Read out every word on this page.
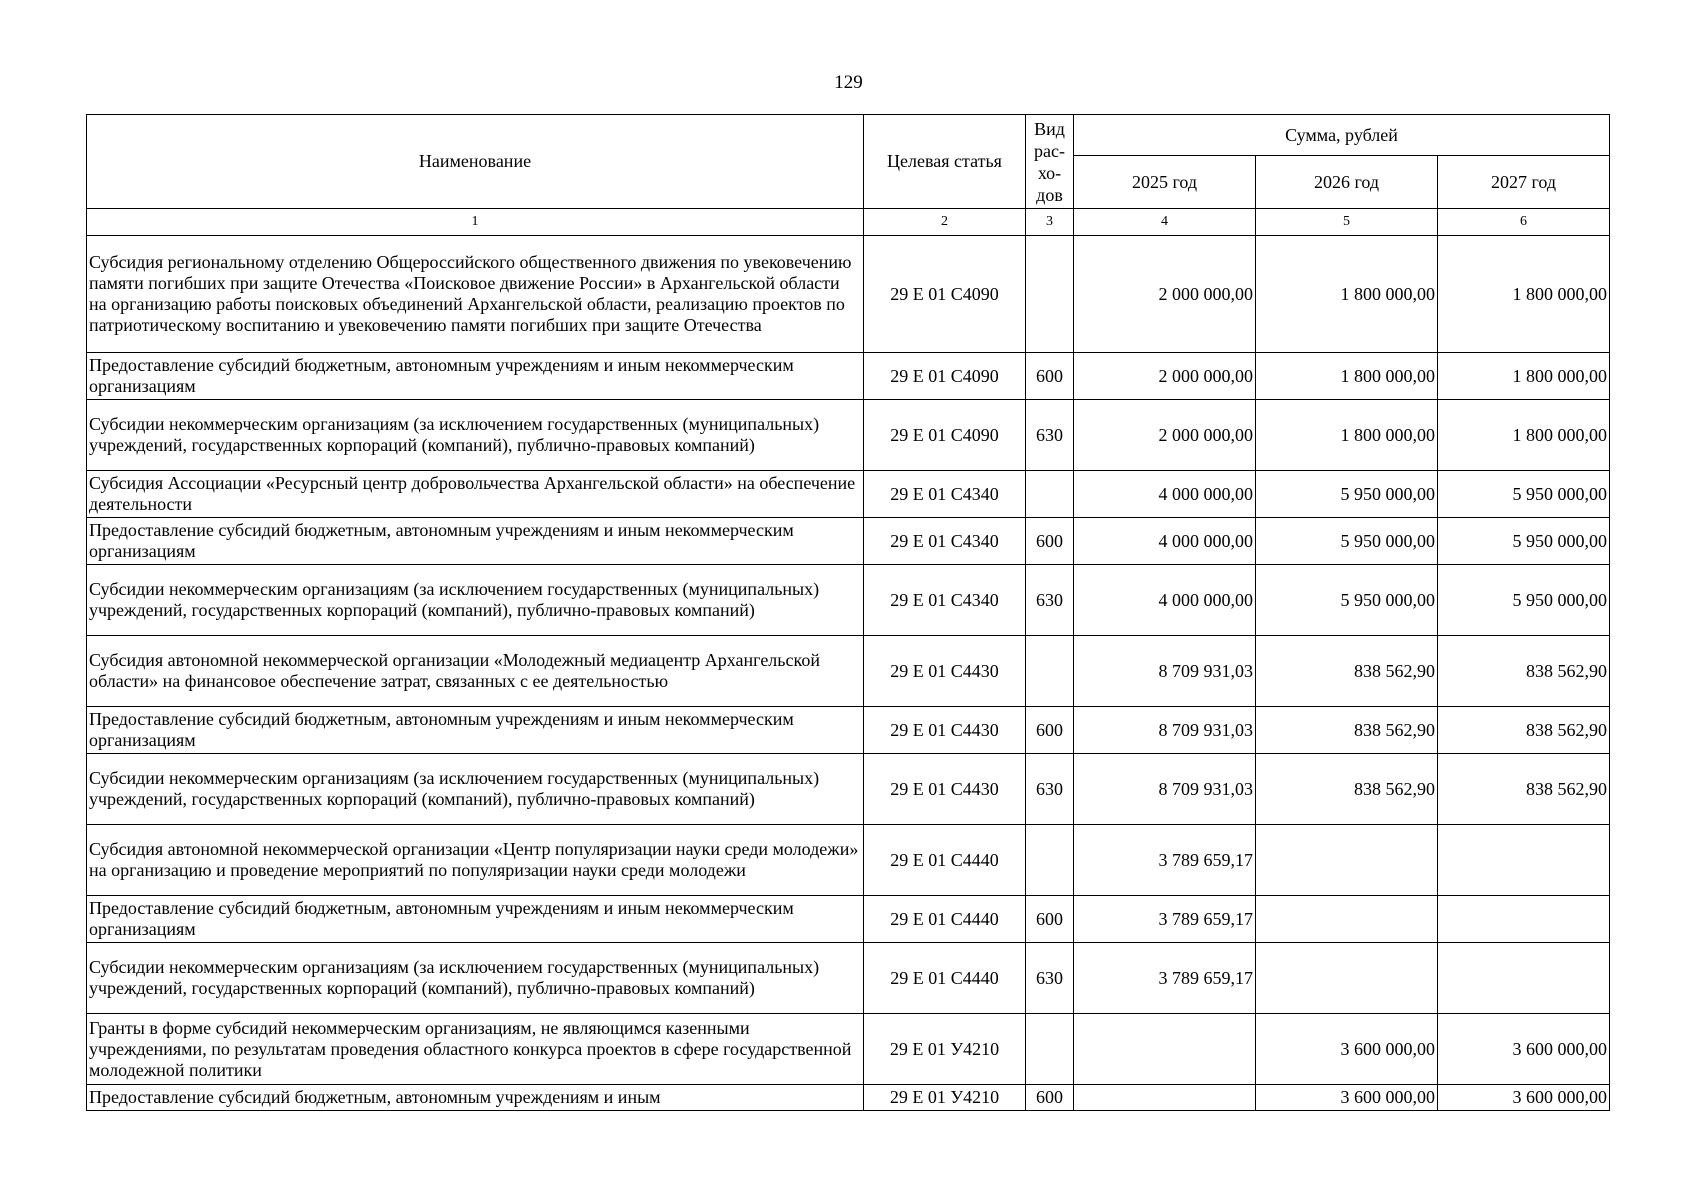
129
Наименование	Целевая статья	Вид рас-хо-дов	Сумма, рублей		
			2025 год	2026 год	2027 год
1	2	3	4	5	6
Субсидия региональному отделению Общероссийского общественного движения по увековечению памяти погибших при защите Отечества «Поисковое движение России» в Архангельской области на организацию работы поисковых объединений Архангельской области, реализацию проектов по патриотическому воспитанию и увековечению памяти погибших при защите Отечества	29 Е 01 С4090		2 000 000,00	1 800 000,00	1 800 000,00
Предоставление субсидий бюджетным, автономным учреждениям и иным некоммерческим организациям	29 Е 01 С4090	600	2 000 000,00	1 800 000,00	1 800 000,00
Субсидии некоммерческим организациям (за исключением государственных (муниципальных) учреждений, государственных корпораций (компаний), публично-правовых компаний)	29 Е 01 С4090	630	2 000 000,00	1 800 000,00	1 800 000,00
Субсидия Ассоциации «Ресурсный центр добровольчества Архангельской области» на обеспечение деятельности	29 Е 01 С4340		4 000 000,00	5 950 000,00	5 950 000,00
Предоставление субсидий бюджетным, автономным учреждениям и иным некоммерческим организациям	29 Е 01 С4340	600	4 000 000,00	5 950 000,00	5 950 000,00
Субсидии некоммерческим организациям (за исключением государственных (муниципальных) учреждений, государственных корпораций (компаний), публично-правовых компаний)	29 Е 01 С4340	630	4 000 000,00	5 950 000,00	5 950 000,00
Субсидия автономной некоммерческой организации «Молодежный медиацентр Архангельской области» на финансовое обеспечение затрат, связанных с ее деятельностью	29 Е 01 С4430		8 709 931,03	838 562,90	838 562,90
Предоставление субсидий бюджетным, автономным учреждениям и иным некоммерческим организациям	29 Е 01 С4430	600	8 709 931,03	838 562,90	838 562,90
Субсидии некоммерческим организациям (за исключением государственных (муниципальных) учреждений, государственных корпораций (компаний), публично-правовых компаний)	29 Е 01 С4430	630	8 709 931,03	838 562,90	838 562,90
Субсидия автономной некоммерческой организации «Центр популяризации науки среди молодежи» на организацию и проведение мероприятий по популяризации науки среди молодежи	29 Е 01 С4440		3 789 659,17		
Предоставление субсидий бюджетным, автономным учреждениям и иным некоммерческим организациям	29 Е 01 С4440	600	3 789 659,17		
Субсидии некоммерческим организациям (за исключением государственных (муниципальных) учреждений, государственных корпораций (компаний), публично-правовых компаний)	29 Е 01 С4440	630	3 789 659,17		
Гранты в форме субсидий некоммерческим организациям, не являющимся казенными учреждениями, по результатам проведения областного конкурса проектов в сфере государственной молодежной политики	29 Е 01 У4210			3 600 000,00	3 600 000,00
Предоставление субсидий бюджетным, автономным учреждениям и иным	29 Е 01 У4210	600		3 600 000,00	3 600 000,00
